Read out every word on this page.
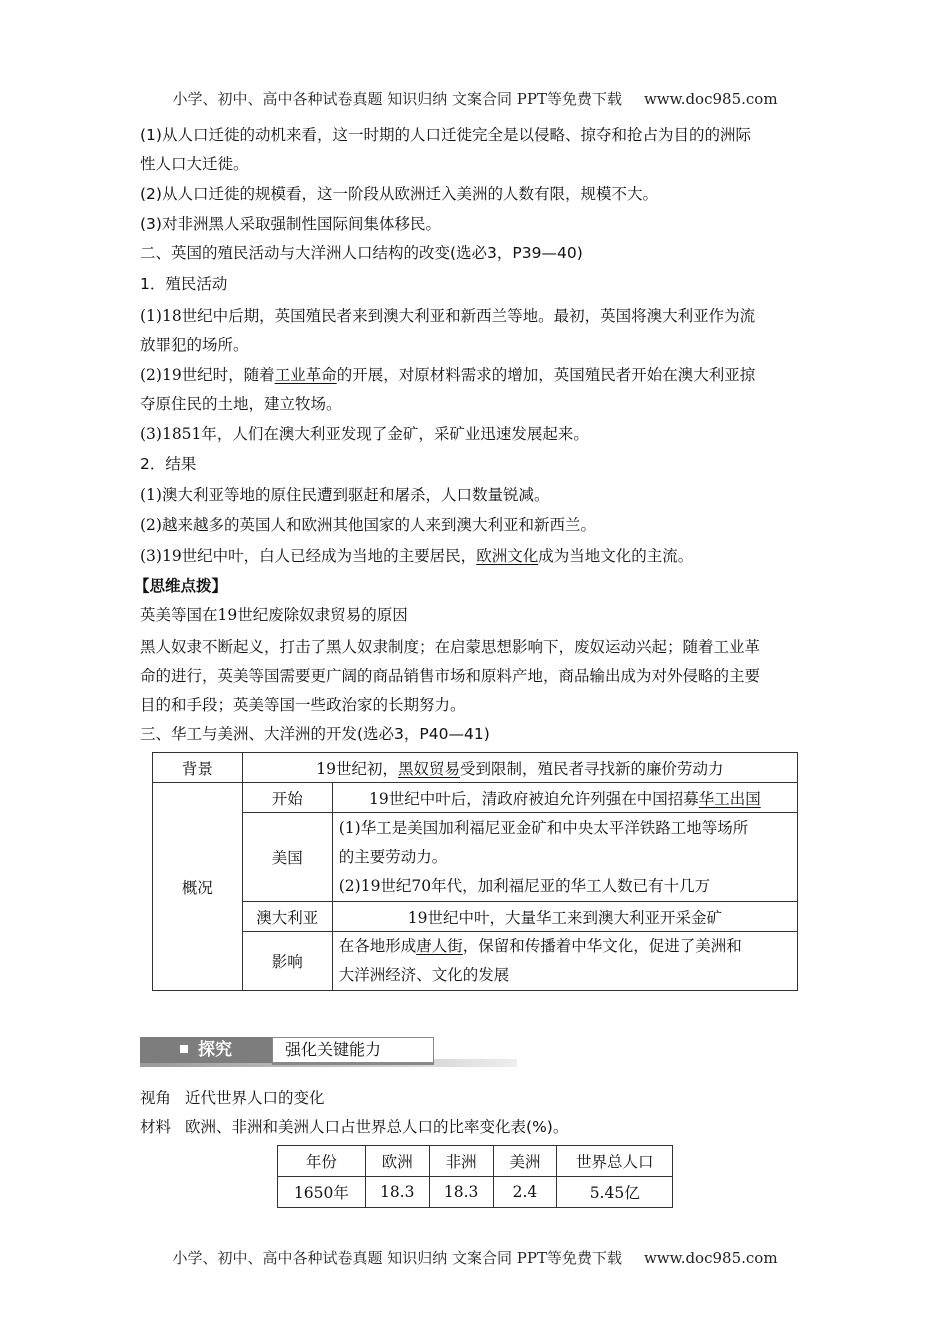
小学、初中、高中各种试卷真题 知识归纳 文案合同 PPT等免费下载 www.doc985.com
(1)从人口迁徙的动机来看，这一时期的人口迁徙完全是以侵略、掠夺和抢占为目的的洲际
性人口大迁徙。
(2)从人口迁徙的规模看，这一阶段从欧洲迁入美洲的人数有限，规模不大。
(3)对非洲黑人采取强制性国际间集体移民。
二、英国的殖民活动与大洋洲人口结构的改变(选必3，P39—40)
1．殖民活动
(1)18世纪中后期，英国殖民者来到澳大利亚和新西兰等地。最初，英国将澳大利亚作为流
放罪犯的场所。
(2)19世纪时，随着工业革命的开展，对原材料需求的增加，英国殖民者开始在澳大利亚掠
夺原住民的土地，建立牧场。
(3)1851年，人们在澳大利亚发现了金矿，采矿业迅速发展起来。
2．结果
(1)澳大利亚等地的原住民遭到驱赶和屠杀，人口数量锐减。
(2)越来越多的英国人和欧洲其他国家的人来到澳大利亚和新西兰。
(3)19世纪中叶，白人已经成为当地的主要居民，欧洲文化成为当地文化的主流。
【思维点拨】
英美等国在19世纪废除奴隶贸易的原因
黑人奴隶不断起义，打击了黑人奴隶制度；在启蒙思想影响下，废奴运动兴起；随着工业革
命的进行，英美等国需要更广阔的商品销售市场和原料产地，商品输出成为对外侵略的主要
目的和手段；英美等国一些政治家的长期努力。
三、华工与美洲、大洋洲的开发(选必3，P40—41)
背景	19世纪初，黑奴贸易受到限制，殖民者寻找新的廉价劳动力	
概况	开始	19世纪中叶后，清政府被迫允许列强在中国招募华工出国
	美国	(1)华工是美国加利福尼亚金矿和中央太平洋铁路工地等场所
的主要劳动力。
(2)19世纪70年代，加利福尼亚的华工人数已有十几万

	澳大利亚	19世纪中叶，大量华工来到澳大利亚开采金矿
	影响	在各地形成唐人街，保留和传播着中华文化，促进了美洲和
大洋洲经济、文化的发展
探究	强化关键能力
视角 近代世界人口的变化
材料 欧洲、非洲和美洲人口占世界总人口的比率变化表(%)。
年份	欧洲	非洲	美洲	世界总人口
1650年	18.3	18.3	2.4	5.45亿
小学、初中、高中各种试卷真题 知识归纳 文案合同 PPT等免费下载 www.doc985.com
